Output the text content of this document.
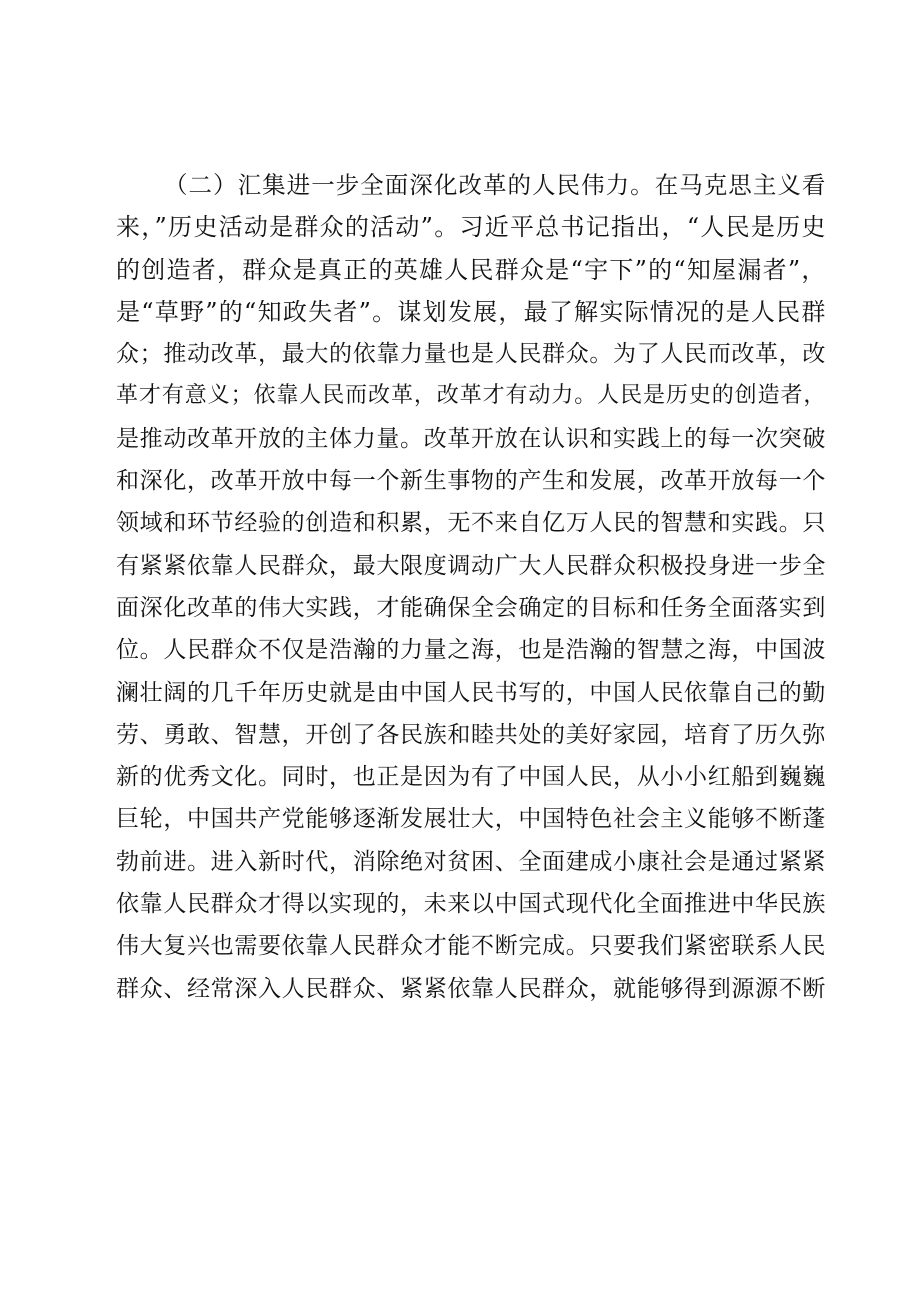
（二）汇集进一步全面深化改革的人民伟力。在马克思主义看
来，”历史活动是群众的活动”。习近平总书记指出，“人民是历史
的创造者，群众是真正的英雄人民群众是“宇下”的“知屋漏者”，
是“草野”的“知政失者”。谋划发展，最了解实际情况的是人民群
众；推动改革，最大的依靠力量也是人民群众。为了人民而改革，改
革才有意义；依靠人民而改革，改革才有动力。人民是历史的创造者，
是推动改革开放的主体力量。改革开放在认识和实践上的每一次突破
和深化，改革开放中每一个新生事物的产生和发展，改革开放每一个
领域和环节经验的创造和积累，无不来自亿万人民的智慧和实践。只
有紧紧依靠人民群众，最大限度调动广大人民群众积极投身进一步全
面深化改革的伟大实践，才能确保全会确定的目标和任务全面落实到
位。人民群众不仅是浩瀚的力量之海，也是浩瀚的智慧之海，中国波
澜壮阔的几千年历史就是由中国人民书写的，中国人民依靠自己的勤
劳、勇敢、智慧，开创了各民族和睦共处的美好家园，培育了历久弥
新的优秀文化。同时，也正是因为有了中国人民，从小小红船到巍巍
巨轮，中国共产党能够逐渐发展壮大，中国特色社会主义能够不断蓬
勃前进。进入新时代，消除绝对贫困、全面建成小康社会是通过紧紧
依靠人民群众才得以实现的，未来以中国式现代化全面推进中华民族
伟大复兴也需要依靠人民群众才能不断完成。只要我们紧密联系人民
群众、经常深入人民群众、紧紧依靠人民群众，就能够得到源源不断
